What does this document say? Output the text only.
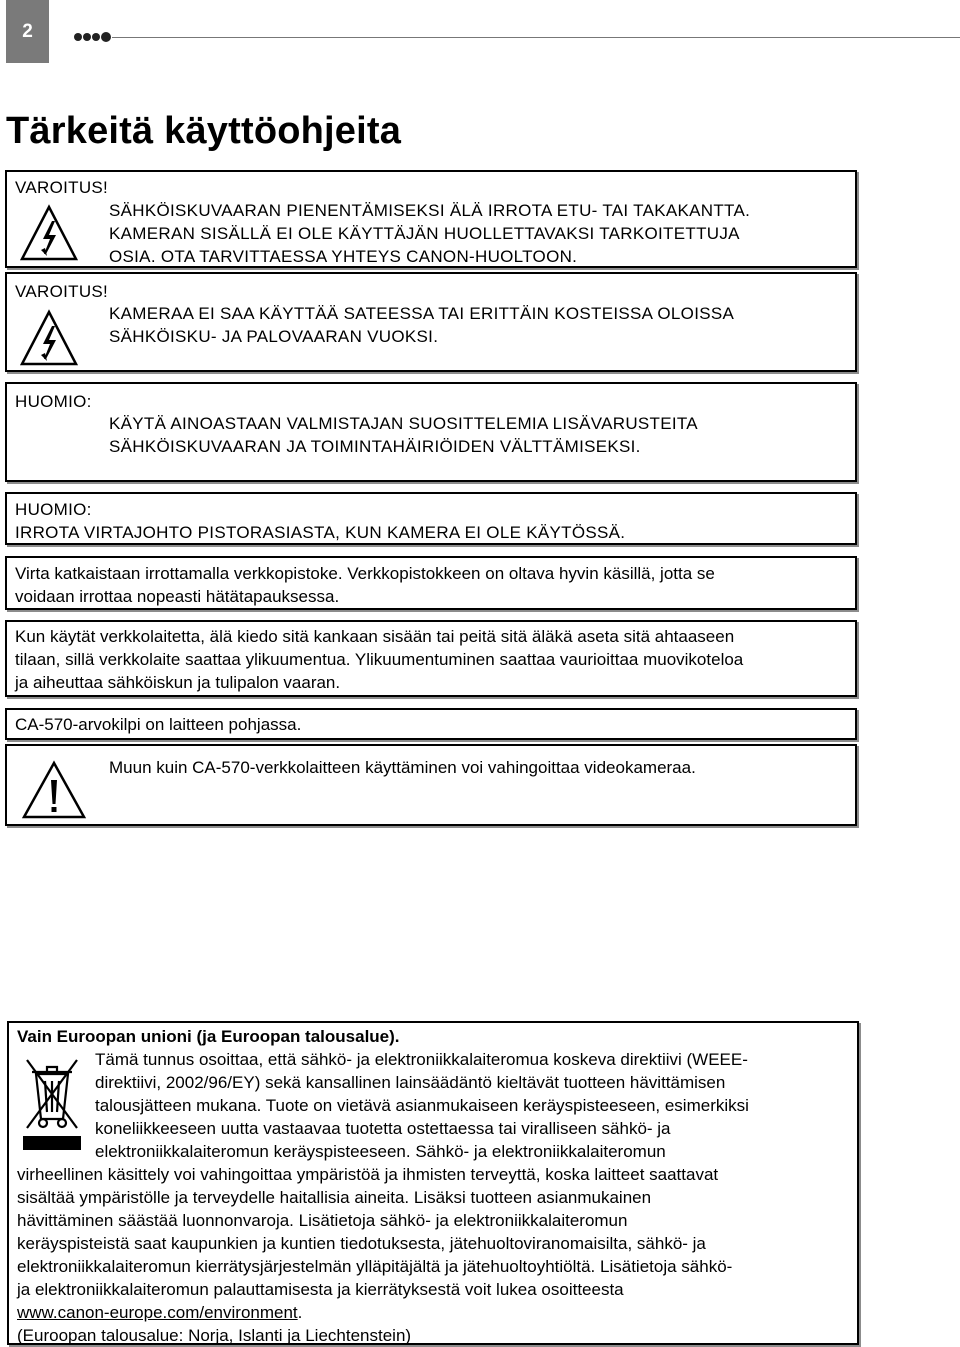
2
Tärkeitä käyttöohjeita
VAROITUS!

SÄHKÖISKUVAARAN PIENENTÄMISEKSI ÄLÄ IRROTA ETU- TAI TAKAKANTTA.

KAMERAN SISÄLLÄ EI OLE KÄYTTÄJÄN HUOLLETTAVAKSI TARKOITETTUJA

OSIA. OTA TARVITTAESSA YHTEYS CANON-HUOLTOON.

VAROITUS!

KAMERAA EI SAA KÄYTTÄÄ SATEESSA TAI ERITTÄIN KOSTEISSA OLOISSA

SÄHKÖISKU- JA PALOVAARAN VUOKSI.

HUOMIO:

KÄYTÄ AINOASTAAN VALMISTAJAN SUOSITTELEMIA LISÄVARUSTEITA

SÄHKÖISKUVAARAN JA TOIMINTAHÄIRIÖIDEN VÄLTTÄMISEKSI.

HUOMIO:

IRROTA VIRTAJOHTO PISTORASIASTA, KUN KAMERA EI OLE KÄYTÖSSÄ.

Virta katkaistaan irrottamalla verkkopistoke. Verkkopistokkeen on oltava hyvin käsillä, jotta se

voidaan irrottaa nopeasti hätätapauksessa.

Kun käytät verkkolaitetta, älä kiedo sitä kankaan sisään tai peitä sitä äläkä aseta sitä ahtaaseen

tilaan, sillä verkkolaite saattaa ylikuumentua. Ylikuumentuminen saattaa vaurioittaa muovikoteloa

ja aiheuttaa sähköiskun ja tulipalon vaaran.

CA-570-arvokilpi on laitteen pohjassa.

Muun kuin CA-570-verkkolaitteen käyttäminen voi vahingoittaa videokameraa.

Vain Euroopan unioni (ja Euroopan talousalue).

Tämä tunnus osoittaa, että sähkö- ja elektroniikkalaiteromua koskeva direktiivi (WEEE-

direktiivi, 2002/96/EY) sekä kansallinen lainsäädäntö kieltävät tuotteen hävittämisen

talousjätteen mukana. Tuote on vietävä asianmukaiseen keräyspisteeseen, esimerkiksi

koneliikkeeseen uutta vastaavaa tuotetta ostettaessa tai viralliseen sähkö- ja

elektroniikkalaiteromun keräyspisteeseen. Sähkö- ja elektroniikkalaiteromun

virheellinen käsittely voi vahingoittaa ympäristöä ja ihmisten terveyttä, koska laitteet saattavat

sisältää ympäristölle ja terveydelle haitallisia aineita. Lisäksi tuotteen asianmukainen

hävittäminen säästää luonnonvaroja. Lisätietoja sähkö- ja elektroniikkalaiteromun

keräyspisteistä saat kaupunkien ja kuntien tiedotuksesta, jätehuoltoviranomaisilta, sähkö- ja

elektroniikkalaiteromun kierrätysjärjestelmän ylläpitäjältä ja jätehuoltoyhtiöltä. Lisätietoja sähkö-

ja elektroniikkalaiteromun palauttamisesta ja kierrätyksestä voit lukea osoitteesta

www.canon-europe.com/environment.

(Euroopan talousalue: Norja, Islanti ja Liechtenstein)
